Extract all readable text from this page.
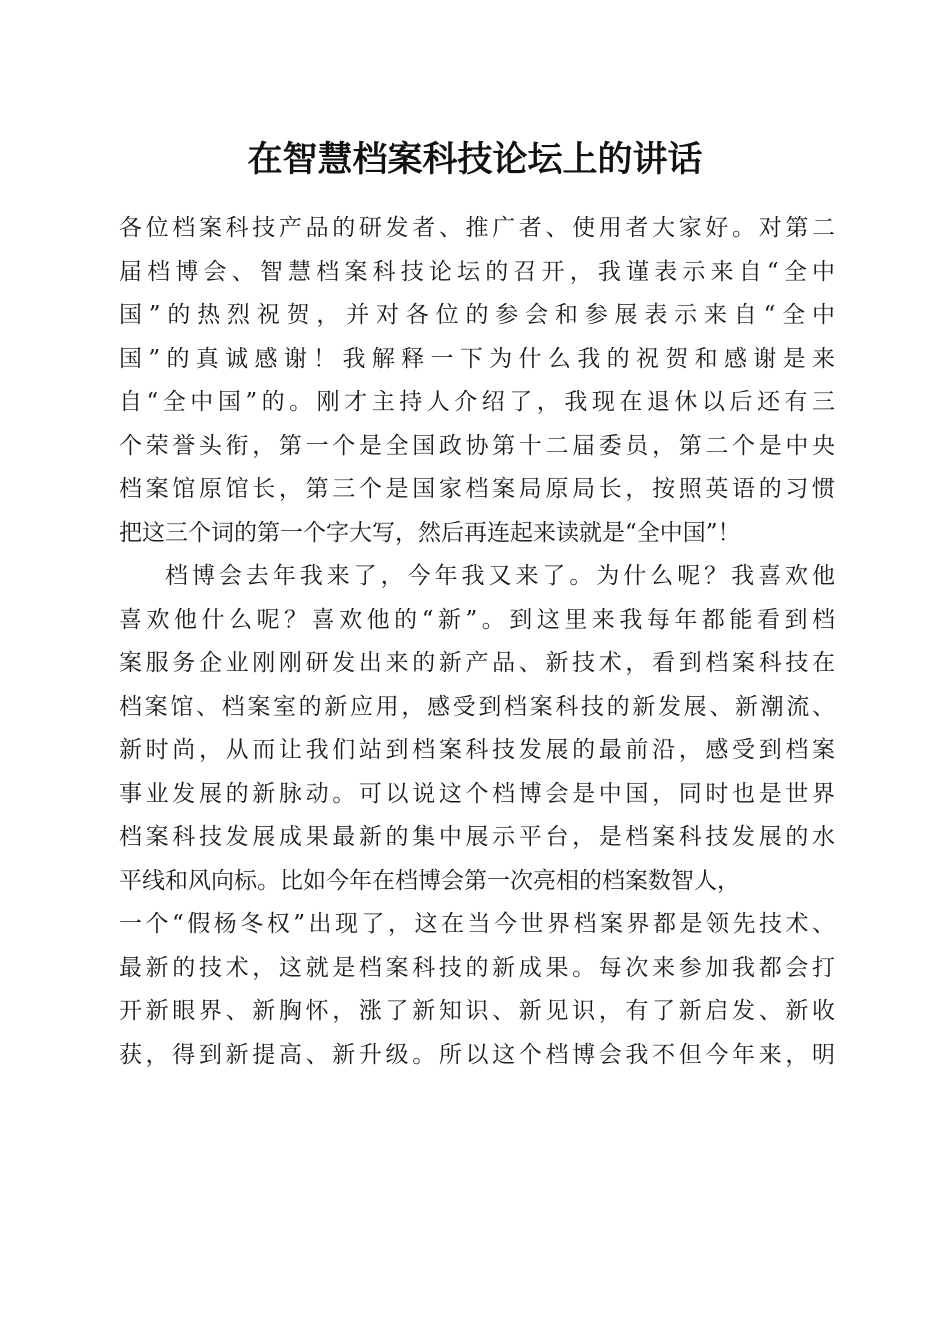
在智慧档案科技论坛上的讲话
各位档案科技产品的研发者、推广者、使用者大家好。对第二
届档博会、智慧档案科技论坛的召开，我谨表示来自“全中
国”的热烈祝贺，并对各位的参会和参展表示来自“全中
国”的真诚感谢！我解释一下为什么我的祝贺和感谢是来
自“全中国”的。刚才主持人介绍了，我现在退休以后还有三
个荣誉头衔，第一个是全国政协第十二届委员，第二个是中央
档案馆原馆长，第三个是国家档案局原局长，按照英语的习惯
把这三个词的第一个字大写，然后再连起来读就是“全中国”！
档博会去年我来了，今年我又来了。为什么呢？我喜欢他
喜欢他什么呢？喜欢他的“新”。到这里来我每年都能看到档
案服务企业刚刚研发出来的新产品、新技术，看到档案科技在
档案馆、档案室的新应用，感受到档案科技的新发展、新潮流、
新时尚，从而让我们站到档案科技发展的最前沿，感受到档案
事业发展的新脉动。可以说这个档博会是中国，同时也是世界
档案科技发展成果最新的集中展示平台，是档案科技发展的水
平线和风向标。比如今年在档博会第一次亮相的档案数智人，
一个“假杨冬权”出现了，这在当今世界档案界都是领先技术、
最新的技术，这就是档案科技的新成果。每次来参加我都会打
开新眼界、新胸怀，涨了新知识、新见识，有了新启发、新收
获，得到新提高、新升级。所以这个档博会我不但今年来，明
